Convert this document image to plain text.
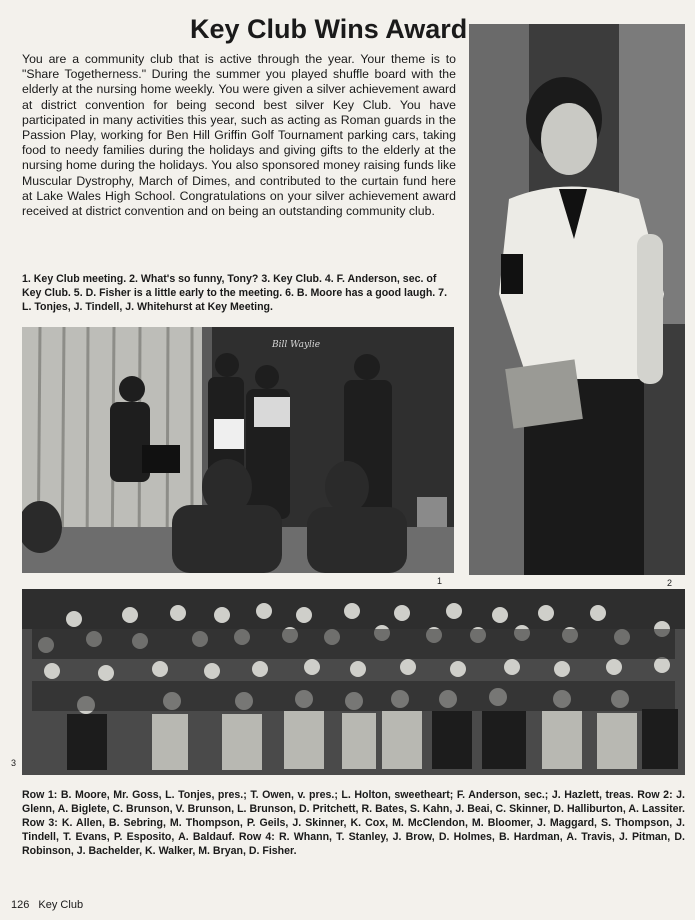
Key Club Wins Award
You are a community club that is active through the year. Your theme is to "Share Togetherness." During the summer you played shuffle board with the elderly at the nursing home weekly. You were given a silver achievement award at district convention for being second best silver Key Club. You have participated in many activities this year, such as acting as Roman guards in the Passion Play, working for Ben Hill Griffin Golf Tournament parking cars, taking food to needy families during the holidays and giving gifts to the elderly at the nursing home during the holidays. You also sponsored money raising funds like Muscular Dystrophy, March of Dimes, and contributed to the curtain fund here at Lake Wales High School. Congratulations on your silver achievement award received at district convention and on being an outstanding community club.
1. Key Club meeting. 2. What's so funny, Tony? 3. Key Club. 4. F. Anderson, sec. of Key Club. 5. D. Fisher is a little early to the meeting. 6. B. Moore has a good laugh. 7. L. Tonjes, J. Tindell, J. Whitehurst at Key Meeting.
Bill Waylie
1	2
3
Row 1: B. Moore, Mr. Goss, L. Tonjes, pres.; T. Owen, v. pres.; L. Holton, sweetheart; F. Anderson, sec.; J. Hazlett, treas. Row 2: J. Glenn, A. Biglete, C. Brunson, V. Brunson, L. Brunson, D. Pritchett, R. Bates, S. Kahn, J. Beai, C. Skinner, D. Halliburton, A. Lassiter. Row 3: K. Allen, B. Sebring, M. Thompson, P. Geils, J. Skinner, K. Cox, M. McClendon, M. Bloomer, J. Maggard, S. Thompson, J. Tindell, T. Evans, P. Esposito, A. Baldauf. Row 4: R. Whann, T. Stanley, J. Brow, D. Holmes, B. Hardman, A. Travis, J. Pitman, D. Robinson, J. Bachelder, K. Walker, M. Bryan, D. Fisher.
126 Key Club
